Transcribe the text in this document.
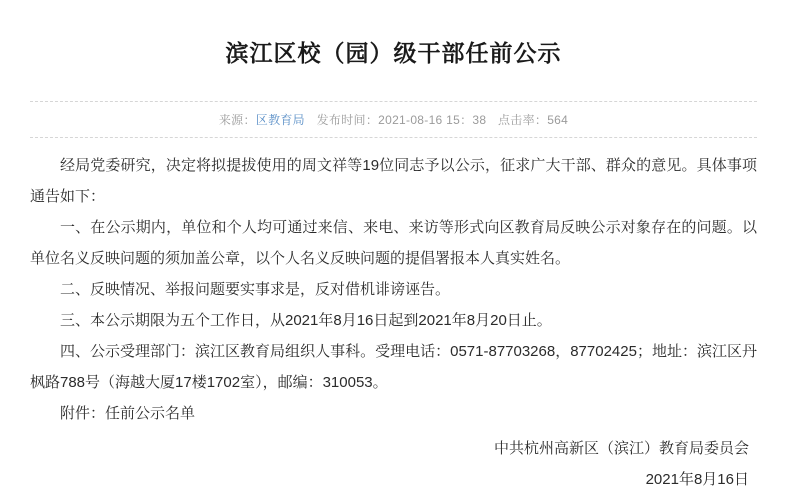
滨江区校（园）级干部任前公示
来源：区教育局 发布时间：2021-08-16 15：38 点击率：564

经局党委研究，决定将拟提拔使用的周文祥等19位同志予以公示，征求广大干部、群众的意见。具体事项通告如下：

一、在公示期内，单位和个人均可通过来信、来电、来访等形式向区教育局反映公示对象存在的问题。以单位名义反映问题的须加盖公章，以个人名义反映问题的提倡署报本人真实姓名。

二、反映情况、举报问题要实事求是，反对借机诽谤诬告。

三、本公示期限为五个工作日，从2021年8月16日起到2021年8月20日止。

四、公示受理部门：滨江区教育局组织人事科。受理电话：0571-87703268，87702425；地址：滨江区丹枫路788号（海越大厦17楼1702室），邮编：310053。

附件：任前公示名单

中共杭州高新区（滨江）教育局委员会
2021年8月16日
